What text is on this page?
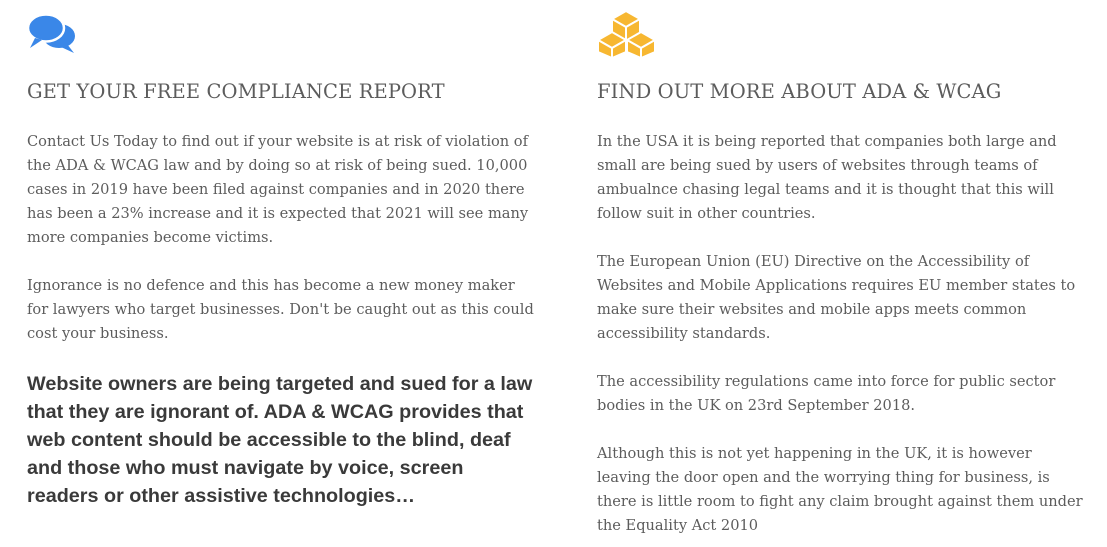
GET YOUR FREE COMPLIANCE REPORT

Contact Us Today to find out if your website is at risk of violation of the ADA & WCAG law and by doing so at risk of being sued. 10,000 cases in 2019 have been filed against companies and in 2020 there has been a 23% increase and it is expected that 2021 will see many more companies become victims.

Ignorance is no defence and this has become a new money maker for lawyers who target businesses. Don't be caught out as this could cost your business.

Website owners are being targeted and sued for a law that they are ignorant of. ADA & WCAG provides that web content should be accessible to the blind, deaf and those who must navigate by voice, screen readers or other assistive technologies…

FIND OUT MORE ABOUT ADA & WCAG

In the USA it is being reported that companies both large and small are being sued by users of websites through teams of ambualnce chasing legal teams and it is thought that this will follow suit in other countries.

The European Union (EU) Directive on the Accessibility of Websites and Mobile Applications requires EU member states to make sure their websites and mobile apps meets common accessibility standards.

The accessibility regulations came into force for public sector bodies in the UK on 23rd September 2018.

Although this is not yet happening in the UK, it is however leaving the door open and the worrying thing for business, is there is little room to fight any claim brought against them under the Equality Act 2010
